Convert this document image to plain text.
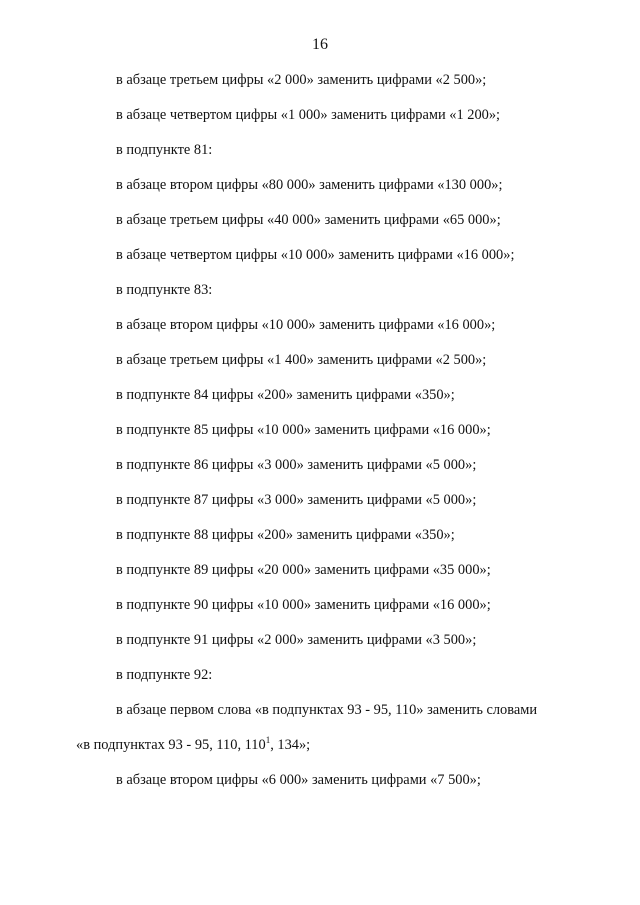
16
в абзаце третьем цифры «2 000» заменить цифрами «2 500»;
в абзаце четвертом цифры «1 000» заменить цифрами «1 200»;
в подпункте 81:
в абзаце втором цифры «80 000» заменить цифрами «130 000»;
в абзаце третьем цифры «40 000» заменить цифрами «65 000»;
в абзаце четвертом цифры «10 000» заменить цифрами «16 000»;
в подпункте 83:
в абзаце втором цифры «10 000» заменить цифрами «16 000»;
в абзаце третьем цифры «1 400» заменить цифрами «2 500»;
в подпункте 84 цифры «200» заменить цифрами «350»;
в подпункте 85 цифры «10 000» заменить цифрами «16 000»;
в подпункте 86 цифры «3 000» заменить цифрами «5 000»;
в подпункте 87 цифры «3 000» заменить цифрами «5 000»;
в подпункте 88 цифры «200» заменить цифрами «350»;
в подпункте 89 цифры «20 000» заменить цифрами «35 000»;
в подпункте 90 цифры «10 000» заменить цифрами «16 000»;
в подпункте 91 цифры «2 000» заменить цифрами «3 500»;
в подпункте 92:
в абзаце первом слова «в подпунктах 93 - 95, 110» заменить словами
«в подпунктах 93 - 95, 110, $110^1$, 134»;
в абзаце втором цифры «6 000» заменить цифрами «7 500»;
